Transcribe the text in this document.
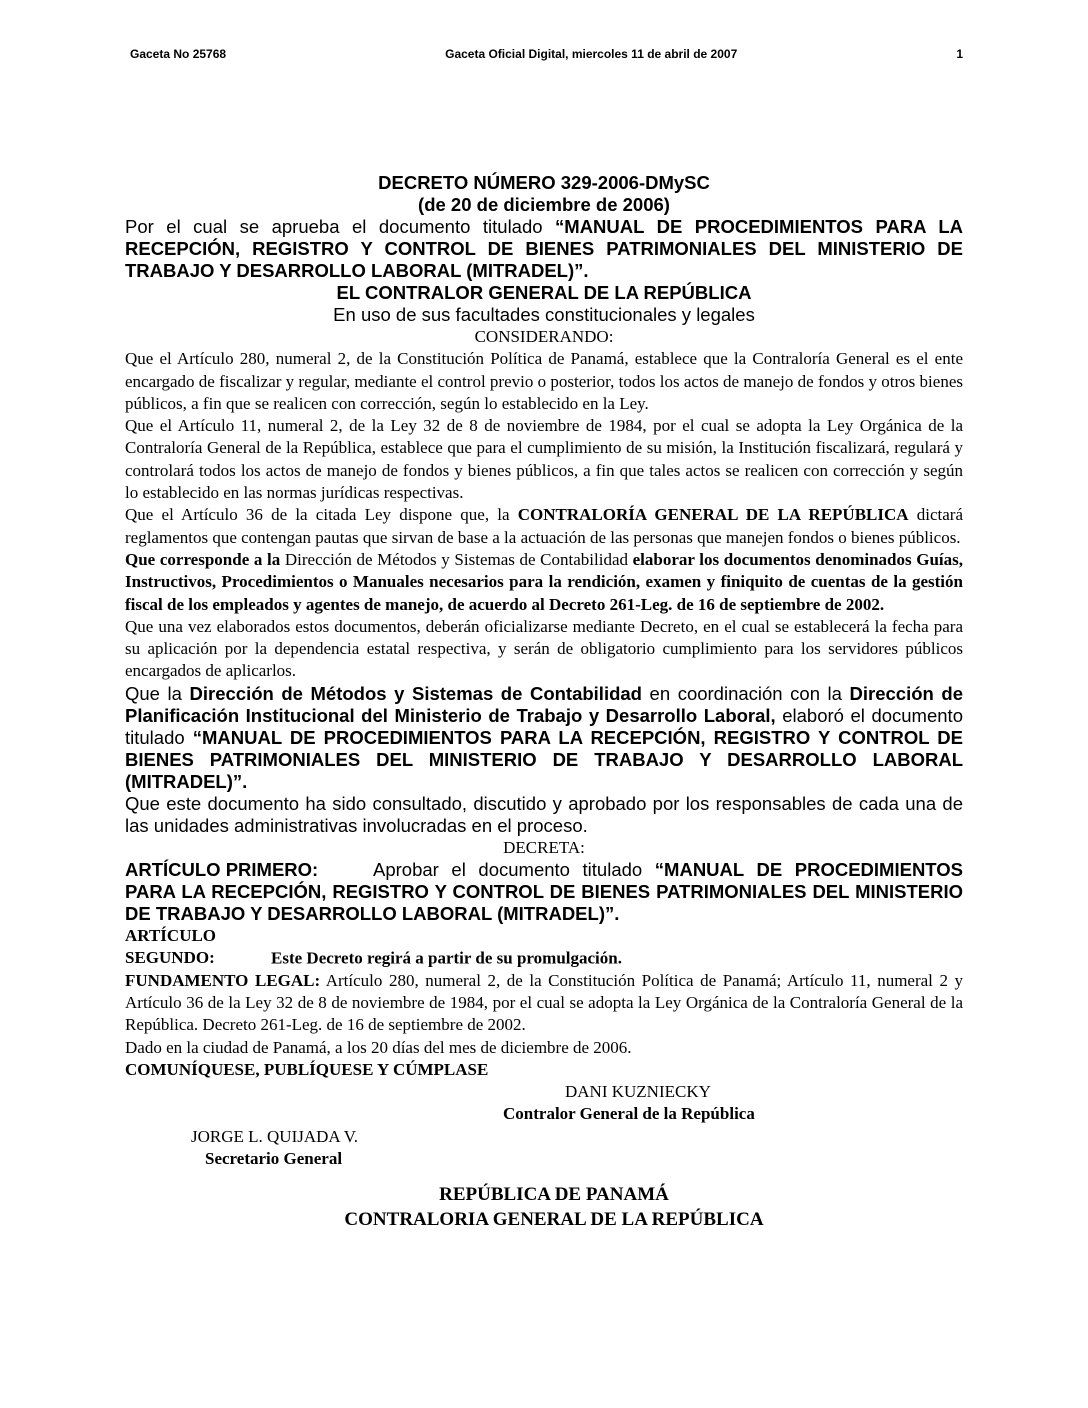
Gaceta No 25768	Gaceta Oficial Digital, miercoles 11 de abril de 2007	1

DECRETO NÚMERO 329-2006-DMySC

(de 20 de diciembre de 2006)

Por el cual se aprueba el documento titulado “MANUAL DE PROCEDIMIENTOS PARA LA RECEPCIÓN, REGISTRO Y CONTROL DE BIENES PATRIMONIALES DEL MINISTERIO DE TRABAJO Y DESARROLLO LABORAL (MITRADEL)”.

EL CONTRALOR GENERAL DE LA REPÚBLICA

En uso de sus facultades constitucionales y legales

CONSIDERANDO:

Que el Artículo 280, numeral 2, de la Constitución Política de Panamá, establece que la Contraloría General es el ente encargado de fiscalizar y regular, mediante el control previo o posterior, todos los actos de manejo de fondos y otros bienes públicos, a fin que se realicen con corrección, según lo establecido en la Ley.

Que el Artículo 11, numeral 2, de la Ley 32 de 8 de noviembre de 1984, por el cual se adopta la Ley Orgánica de la Contraloría General de la República, establece que para el cumplimiento de su misión, la Institución fiscalizará, regulará y controlará todos los actos de manejo de fondos y bienes públicos, a fin que tales actos se realicen con corrección y según lo establecido en las normas jurídicas respectivas.

Que el Artículo 36 de la citada Ley dispone que, la CONTRALORÍA GENERAL DE LA REPÚBLICA dictará reglamentos que contengan pautas que sirvan de base a la actuación de las personas que manejen fondos o bienes públicos.

Que corresponde a la Dirección de Métodos y Sistemas de Contabilidad elaborar los documentos denominados Guías, Instructivos, Procedimientos o Manuales necesarios para la rendición, examen y finiquito de cuentas de la gestión fiscal de los empleados y agentes de manejo, de acuerdo al Decreto 261-Leg. de 16 de septiembre de 2002.

Que una vez elaborados estos documentos, deberán oficializarse mediante Decreto, en el cual se establecerá la fecha para su aplicación por la dependencia estatal respectiva, y serán de obligatorio cumplimiento para los servidores públicos encargados de aplicarlos.

Que la Dirección de Métodos y Sistemas de Contabilidad en coordinación con la Dirección de Planificación Institucional del Ministerio de Trabajo y Desarrollo Laboral, elaboró el documento titulado “MANUAL DE PROCEDIMIENTOS PARA LA RECEPCIÓN, REGISTRO Y CONTROL DE BIENES PATRIMONIALES DEL MINISTERIO DE TRABAJO Y DESARROLLO LABORAL (MITRADEL)”.

Que este documento ha sido consultado, discutido y aprobado por los responsables de cada una de las unidades administrativas involucradas en el proceso.

DECRETA:

ARTÍCULO PRIMERO:	Aprobar el documento titulado “MANUAL DE PROCEDIMIENTOS PARA LA RECEPCIÓN, REGISTRO Y CONTROL DE BIENES PATRIMONIALES DEL MINISTERIO DE TRABAJO Y DESARROLLO LABORAL (MITRADEL)”.

ARTÍCULO SEGUNDO:	Este Decreto regirá a partir de su promulgación.

FUNDAMENTO LEGAL: Artículo 280, numeral 2, de la Constitución Política de Panamá; Artículo 11, numeral 2 y Artículo 36 de la Ley 32 de 8 de noviembre de 1984, por el cual se adopta la Ley Orgánica de la Contraloría General de la República. Decreto 261-Leg. de 16 de septiembre de 2002.

Dado en la ciudad de Panamá, a los 20 días del mes de diciembre de 2006.

COMUNÍQUESE, PUBLÍQUESE Y CÚMPLASE

DANI KUZNIECKY

Contralor General de la República

JORGE L. QUIJADA V.

Secretario General

REPÚBLICA DE PANAMÁ

CONTRALORIA GENERAL DE LA REPÚBLICA
